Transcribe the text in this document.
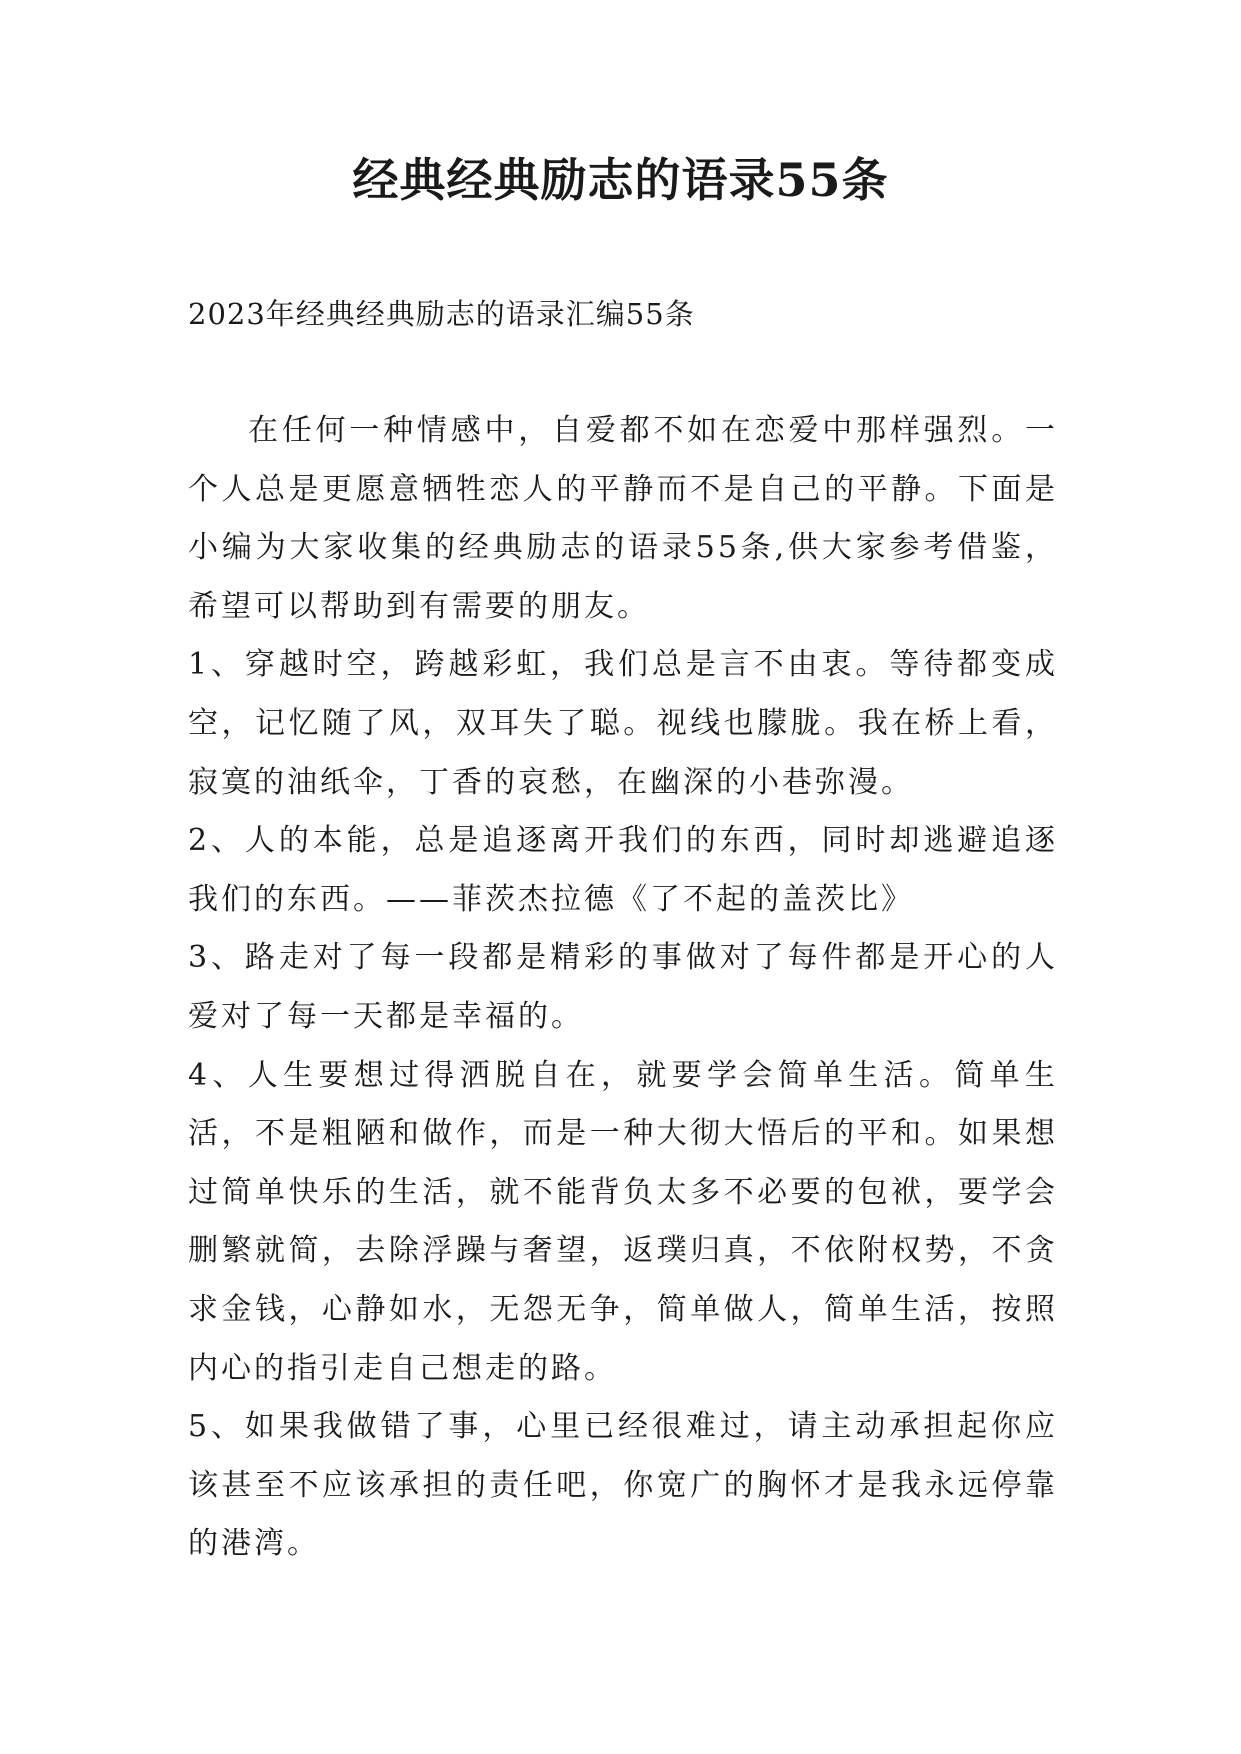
经典经典励志的语录55条

2023年经典经典励志的语录汇编55条

在任何一种情感中，自爱都不如在恋爱中那样强烈。一个人总是更愿意牺牲恋人的平静而不是自己的平静。下面是小编为大家收集的经典励志的语录55条,供大家参考借鉴，希望可以帮助到有需要的朋友。

1、穿越时空，跨越彩虹，我们总是言不由衷。等待都变成空，记忆随了风，双耳失了聪。视线也朦胧。我在桥上看，寂寞的油纸伞，丁香的哀愁，在幽深的小巷弥漫。

2、人的本能，总是追逐离开我们的东西，同时却逃避追逐我们的东西。——菲茨杰拉德《了不起的盖茨比》

3、路走对了每一段都是精彩的事做对了每件都是开心的人爱对了每一天都是幸福的。

4、人生要想过得洒脱自在，就要学会简单生活。简单生活，不是粗陋和做作，而是一种大彻大悟后的平和。如果想过简单快乐的生活，就不能背负太多不必要的包袱，要学会删繁就简，去除浮躁与奢望，返璞归真，不依附权势，不贪求金钱，心静如水，无怨无争，简单做人，简单生活，按照内心的指引走自己想走的路。

5、如果我做错了事，心里已经很难过，请主动承担起你应该甚至不应该承担的责任吧，你宽广的胸怀才是我永远停靠的港湾。
